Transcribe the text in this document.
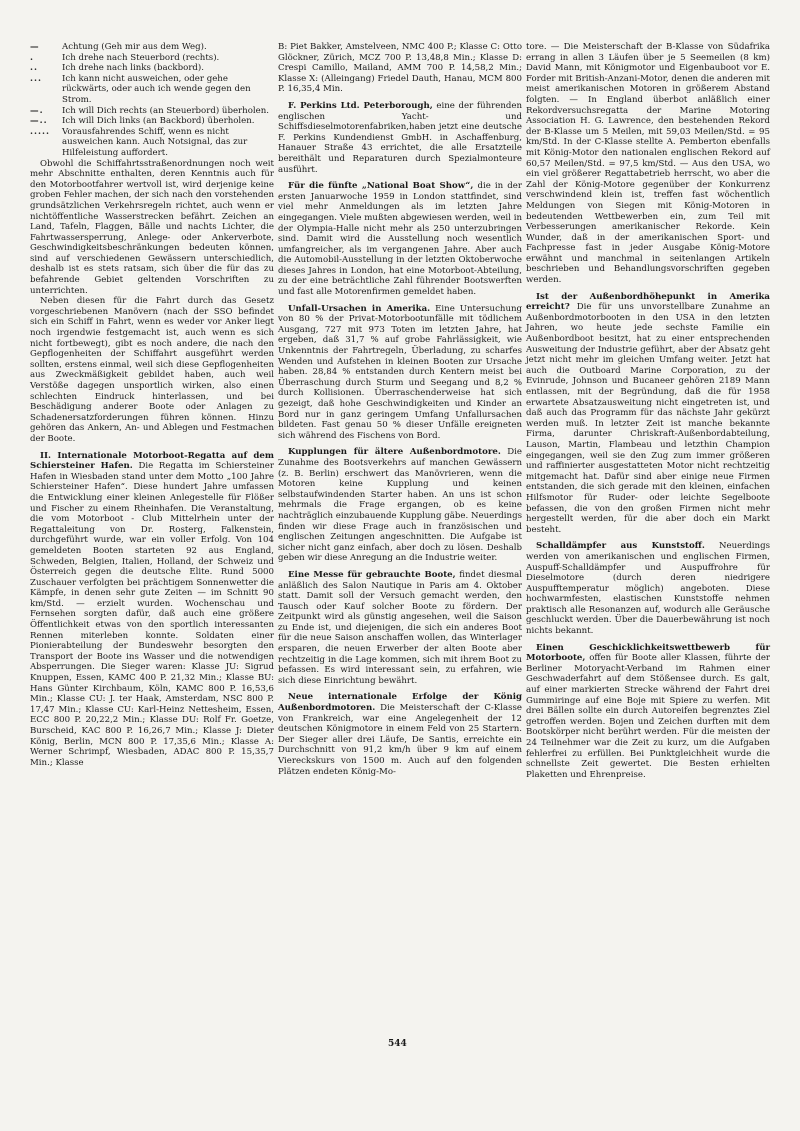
—	Achtung (Geh mir aus dem Weg).
.	Ich drehe nach Steuerbord (rechts).
..	Ich drehe nach links (backbord).
...	Ich kann nicht ausweichen, oder gehe rückwärts, oder auch ich wende gegen den Strom.
—.	Ich will Dich rechts (an Steuerbord) überholen.
—..	Ich will Dich links (an Backbord) überholen.
.....	Vorausfahrendes Schiff, wenn es nicht ausweichen kann. Auch Notsignal, das zur Hilfeleistung auffordert.

Obwohl die Schiffahrtsstraßenordnungen noch weit mehr Abschnitte enthalten, deren Kenntnis auch für den Motorbootfahrer wertvoll ist, wird derjenige keine groben Fehler machen, der sich nach den vorstehenden grundsätzlichen Verkehrsregeln richtet, auch wenn er nichtöffentliche Wasserstrecken befährt. Zeichen an Land, Tafeln, Flaggen, Bälle und nachts Lichter, die Fahrtwassersperrung, Anlege- oder Ankerverbote, Geschwindigkeitsbeschränkungen bedeuten können, sind auf verschiedenen Gewässern unterschiedlich, deshalb ist es stets ratsam, sich über die für das zu befahrende Gebiet geltenden Vorschriften zu unterrichten.

Neben diesen für die Fahrt durch das Gesetz vorgeschriebenen Manövern (nach der SSO befindet sich ein Schiff in Fahrt, wenn es weder vor Anker liegt noch irgendwie festgemacht ist, auch wenn es sich nicht fortbewegt), gibt es noch andere, die nach den Gepflogenheiten der Schiffahrt ausgeführt werden sollten, erstens einmal, weil sich diese Gepflogenheiten aus Zweckmäßigkeit gebildet haben, auch weil Verstöße dagegen unsportlich wirken, also einen schlechten Eindruck hinterlassen, und bei Beschädigung anderer Boote oder Anlagen zu Schadenersatzforderungen führen können. Hinzu gehören das Ankern, An- und Ablegen und Festmachen der Boote.

II. Internationale Motorboot-Regatta auf dem Schiersteiner Hafen. Die Regatta im Schiersteiner Hafen in Wiesbaden stand unter dem Motto „100 Jahre Schiersteiner Hafen“. Diese hundert Jahre umfassen die Entwicklung einer kleinen Anlegestelle für Flößer und Fischer zu einem Rheinhafen. Die Veranstaltung, die vom Motorboot - Club Mittelrhein unter der Regattaleitung von Dr. Rosterg, Falkenstein, durchgeführt wurde, war ein voller Erfolg. Von 104 gemeldeten Booten starteten 92 aus England, Schweden, Belgien, Italien, Holland, der Schweiz und Österreich gegen die deutsche Elite. Rund 5000 Zuschauer verfolgten bei prächtigem Sonnenwetter die Kämpfe, in denen sehr gute Zeiten — im Schnitt 90 km/Std. — erzielt wurden. Wochenschau und Fernsehen sorgten dafür, daß auch eine größere Öffentlichkeit etwas von den sportlich interessanten Rennen miterleben konnte. Soldaten einer Pionierabteilung der Bundeswehr besorgten den Transport der Boote ins Wasser und die notwendigen Absperrungen. Die Sieger waren: Klasse JU: Sigrud Knuppen, Essen, KAMC 400 P. 21,32 Min.; Klasse BU: Hans Günter Kirchbaum, Köln, KAMC 800 P. 16,53,6 Min.; Klasse CU: J. ter Haak, Amsterdam, NSC 800 P. 17,47 Min.; Klasse CU: Karl-Heinz Nettesheim, Essen, ECC 800 P. 20,22,2 Min.; Klasse DU: Rolf Fr. Goetze, Burscheid, KAC 800 P. 16,26,7 Min.; Klasse J: Dieter König, Berlin, MCN 800 P. 17,35,6 Min.; Klasse A: Werner Schrimpf, Wiesbaden, ADAC 800 P. 15,35,7 Min.; Klasse

B: Piet Bakker, Amstelveen, NMC 400 P.; Klasse C: Otto Glöckner, Zürich, MCZ 700 P. 13,48,8 Min.; Klasse D: Crespi Camillo, Mailand, AMM 700 P. 14,58,2 Min.; Klasse X: (Alleingang) Friedel Dauth, Hanau, MCM 800 P. 16,35,4 Min.

F. Perkins Ltd. Peterborough, eine der führenden englischen Yacht- und Schiffsdieselmotorenfabriken,haben jetzt eine deutsche F. Perkins Kundendienst GmbH. in Aschaffenburg, Hanauer Straße 43 errichtet, die alle Ersatzteile bereithält und Reparaturen durch Spezialmonteure ausführt.

Für die fünfte „National Boat Show“, die in der ersten Januarwoche 1959 in London stattfindet, sind viel mehr Anmeldungen als im letzten Jahre eingegangen. Viele mußten abgewiesen werden, weil in der Olympia-Halle nicht mehr als 250 unterzubringen sind. Damit wird die Ausstellung noch wesentlich umfangreicher, als im vergangenen Jahre. Aber auch die Automobil-Ausstellung in der letzten Oktoberwoche dieses Jahres in London, hat eine Motorboot-Abteilung, zu der eine beträchtliche Zahl führender Bootswerften und fast alle Motorenfirmen gemeldet haben.

Unfall-Ursachen in Amerika. Eine Untersuchung von 80 % der Privat-Motorbootunfälle mit tödlichem Ausgang, 727 mit 973 Toten im letzten Jahre, hat ergeben, daß 31,7 % auf grobe Fahrlässigkeit, wie Unkenntnis der Fahrtregeln, Überladung, zu scharfes Wenden und Aufstehen in kleinen Booten zur Ursache haben. 28,84 % entstanden durch Kentern meist bei Überraschung durch Sturm und Seegang und 8,2 % durch Kollisionen. Überraschenderweise hat sich gezeigt, daß hohe Geschwindigkeiten und Kinder an Bord nur in ganz geringem Umfang Unfallursachen bildeten. Fast genau 50 % dieser Unfälle ereigneten sich während des Fischens von Bord.

Kupplungen für ältere Außenbordmotore. Die Zunahme des Bootsverkehrs auf manchen Gewässern (z. B. Berlin) erschwert das Manövrieren, wenn die Motoren keine Kupplung und keinen selbstaufwindenden Starter haben. An uns ist schon mehrmals die Frage ergangen, ob es keine nachträglich einzubauende Kupplung gäbe. Neuerdings finden wir diese Frage auch in französischen und englischen Zeitungen angeschnitten. Die Aufgabe ist sicher nicht ganz einfach, aber doch zu lösen. Deshalb geben wir diese Anregung an die Industrie weiter.

Eine Messe für gebrauchte Boote, findet diesmal anläßlich des Salon Nautique in Paris am 4. Oktober statt. Damit soll der Versuch gemacht werden, den Tausch oder Kauf solcher Boote zu fördern. Der Zeitpunkt wird als günstig angesehen, weil die Saison zu Ende ist, und diejenigen, die sich ein anderes Boot für die neue Saison anschaffen wollen, das Winterlager ersparen, die neuen Erwerber der alten Boote aber rechtzeitig in die Lage kommen, sich mit ihrem Boot zu befassen. Es wird interessant sein, zu erfahren, wie sich diese Einrichtung bewährt.

Neue internationale Erfolge der König Außenbordmotoren. Die Meisterschaft der C-Klasse von Frankreich, war eine Angelegenheit der 12 deutschen Königmotore in einem Feld von 25 Startern. Der Sieger aller drei Läufe, De Santis, erreichte ein Durchschnitt von 91,2 km/h über 9 km auf einem Viereckskurs von 1500 m. Auch auf den folgenden Plätzen endeten König-Mo-

tore. — Die Meisterschaft der B-Klasse von Südafrika errang in allen 3 Läufen über je 5 Seemeilen (8 km) David Mann, mit Königmotor und Eigenbauboot vor E. Forder mit British-Anzani-Motor, denen die anderen mit meist amerikanischen Motoren in größerem Abstand folgten. — In England überbot anläßlich einer Rekordversuchsregatta der Marine Motoring Association H. G. Lawrence, den bestehenden Rekord der B-Klasse um 5 Meilen, mit 59,03 Meilen/Std. = 95 km/Std. In der C-Klasse stellte A. Pemberton ebenfalls mit König-Motor den nationalen englischen Rekord auf 60,57 Meilen/Std. = 97,5 km/Std. — Aus den USA, wo ein viel größerer Regattabetrieb herrscht, wo aber die Zahl der König-Motore gegenüber der Konkurrenz verschwindend klein ist, treffen fast wöchentlich Meldungen von Siegen mit König-Motoren in bedeutenden Wettbewerben ein, zum Teil mit Verbesserungen amerikanischer Rekorde. Kein Wunder, daß in der amerikanischen Sport- und Fachpresse fast in jeder Ausgabe König-Motore erwähnt und manchmal in seitenlangen Artikeln beschrieben und Behandlungsvorschriften gegeben werden.

Ist der Außenbordhöhepunkt in Amerika erreicht? Die für uns unvorstellbare Zunahme an Außenbordmotorbooten in den USA in den letzten Jahren, wo heute jede sechste Familie ein Außenbordboot besitzt, hat zu einer entsprechenden Ausweitung der Industrie geführt, aber der Absatz geht jetzt nicht mehr im gleichen Umfang weiter. Jetzt hat auch die Outboard Marine Corporation, zu der Evinrude, Johnson und Bucaneer gehören 2189 Mann entlassen, mit der Begründung, daß die für 1958 erwartete Absatzausweitung nicht eingetreten ist, und daß auch das Programm für das nächste Jahr gekürzt werden muß. In letzter Zeit ist manche bekannte Firma, darunter Chriskraft-Außenbordabteilung, Lauson, Martin, Flambeau und letzthin Champion eingegangen, weil sie den Zug zum immer größeren und raffinierter ausgestatteten Motor nicht rechtzeitig mitgemacht hat. Dafür sind aber einige neue Firmen entstanden, die sich gerade mit den kleinen, einfachen Hilfsmotor für Ruder- oder leichte Segelboote befassen, die von den großen Firmen nicht mehr hergestellt werden, für die aber doch ein Markt besteht.

Schalldämpfer aus Kunststoff. Neuerdings werden von amerikanischen und englischen Firmen, Auspuff-Schalldämpfer und Auspuffrohre für Dieselmotore (durch deren niedrigere Auspufftemperatur möglich) angeboten. Diese hochwarmfesten, elastischen Kunststoffe nehmen praktisch alle Resonanzen auf, wodurch alle Geräusche geschluckt werden. Über die Dauerbewährung ist noch nichts bekannt.

Einen Geschicklichkeitswettbewerb für Motorboote, offen für Boote aller Klassen, führte der Berliner Motoryacht-Verband im Rahmen einer Geschwaderfahrt auf dem Stößensee durch. Es galt, auf einer markierten Strecke während der Fahrt drei Gummiringe auf eine Boje mit Spiere zu werfen. Mit drei Bällen sollte ein durch Autoreifen begrenztes Ziel getroffen werden. Bojen und Zeichen durften mit dem Bootskörper nicht berührt werden. Für die meisten der 24 Teilnehmer war die Zeit zu kurz, um die Aufgaben fehlerfrei zu erfüllen. Bei Punktgleichheit wurde die schnellste Zeit gewertet. Die Besten erhielten Plaketten und Ehrenpreise.

544
